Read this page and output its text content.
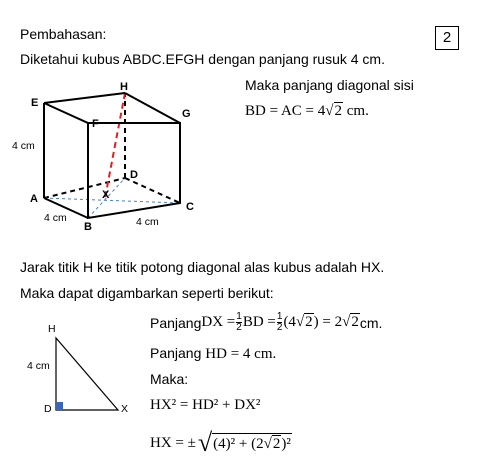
Pembahasan:	2
Diketahui kubus ABDC.EFGH dengan panjang rusuk 4 cm.
Maka panjang diagonal sisi
BD = AC = 4√2 cm.
E
H
G
F
D
X
A
B
C
4 cm
4 cm	4 cm
Jarak titik H ke titik potong diagonal alas kubus adalah HX.
Maka dapat digambarkan seperti berikut:
H
D	X
4 cm
Panjang DX = $\frac{1}{2}$ BD = $\frac{1}{2} (4√2) = 2√2$ cm.
Panjang HD = 4 cm.
Maka:
HX² = HD² + DX²
HX = ± √ (4)² + (2√2)²
